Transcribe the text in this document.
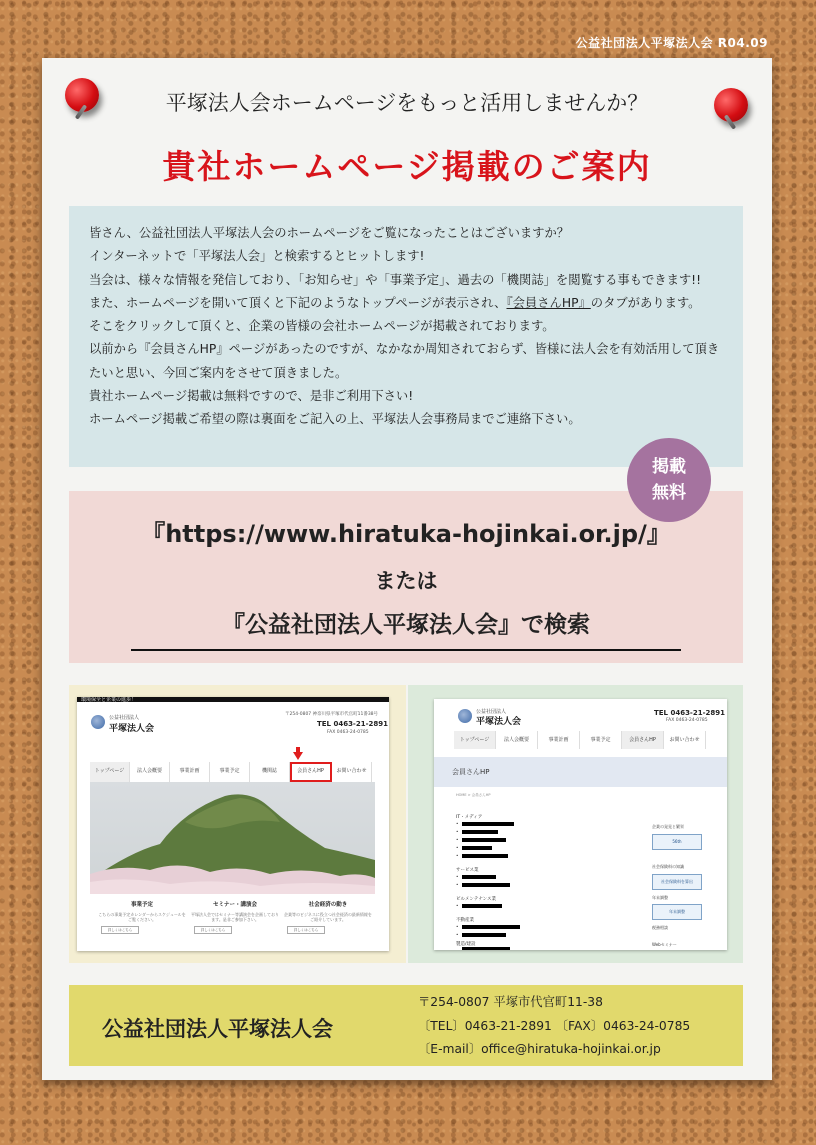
公益社団法人平塚法人会 R04.09
平塚法人会ホームページをもっと活用しませんか？
貴社ホームページ掲載のご案内

皆さん、公益社団法人平塚法人会のホームページをご覧になったことはございますか？

インターネットで「平塚法人会」と検索するとヒットします!

当会は、様々な情報を発信しており、「お知らせ」や「事業予定」、過去の「機関誌」を閲覧する事もできます!!

また、ホームページを開いて頂くと下記のようなトップページが表示され、『会員さんHP』のタブがあります。

そこをクリックして頂くと、企業の皆様の会社ホームページが掲載されております。

以前から『会員さんHP』ページがあったのですが、なかなか周知されておらず、皆様に法人会を有効活用して頂きたいと思い、今回ご案内をさせて頂きました。

貴社ホームページ掲載は無料ですので、是非ご利用下さい!

ホームページ掲載ご希望の際は裏面をご記入の上、平塚法人会事務局までご連絡下さい。

『https://www.hiratuka-hojinkai.or.jp/』
または
『公益社団法人平塚法人会』で検索
掲載
無料
環境保全と企業の進歩！
公益社団法人
平塚法人会
〒254-0807 神奈川県平塚市代官町11番38号
TEL 0463-21-2891
FAX 0463-24-0785
トップページ	法人会概要	事業計画	事業予定	機関誌	会員さんHP	お問い合わせ
事業予定
こちらの事業予定カレンダーからスケジュールをご覧ください。
詳しくはこちら
セミナー・講演会
平塚法人会ではセミナー等講演会を企画しております。是非ご参加下さい。
詳しくはこちら
社会経済の動き
企業等のビジネスに役立つ社会経済の最新情報をご紹介しています。
詳しくはこちら
公益社団法人
平塚法人会
TEL 0463-21-2891
FAX 0463-24-0785
トップページ	法人会概要	事業計画	事業予定	会員さんHP	お問い合わせ
会員さんHP
HOME > 会員さんHP
IT・メディア
•
•
•
•
•
サービス業
•
•
ビルメンテナンス業
•
不動産業
•
•
製造/建設
企業の発見と繁栄
56th
社会保険料の知識
社会保険料を算出
年末調整
年末調整
税務相談
Webセミナー
公益社団法人平塚法人会
〒254-0807 平塚市代官町11-38
〔TEL〕0463-21-2891 〔FAX〕0463-24-0785
〔E-mail〕office@hiratuka-hojinkai.or.jp
